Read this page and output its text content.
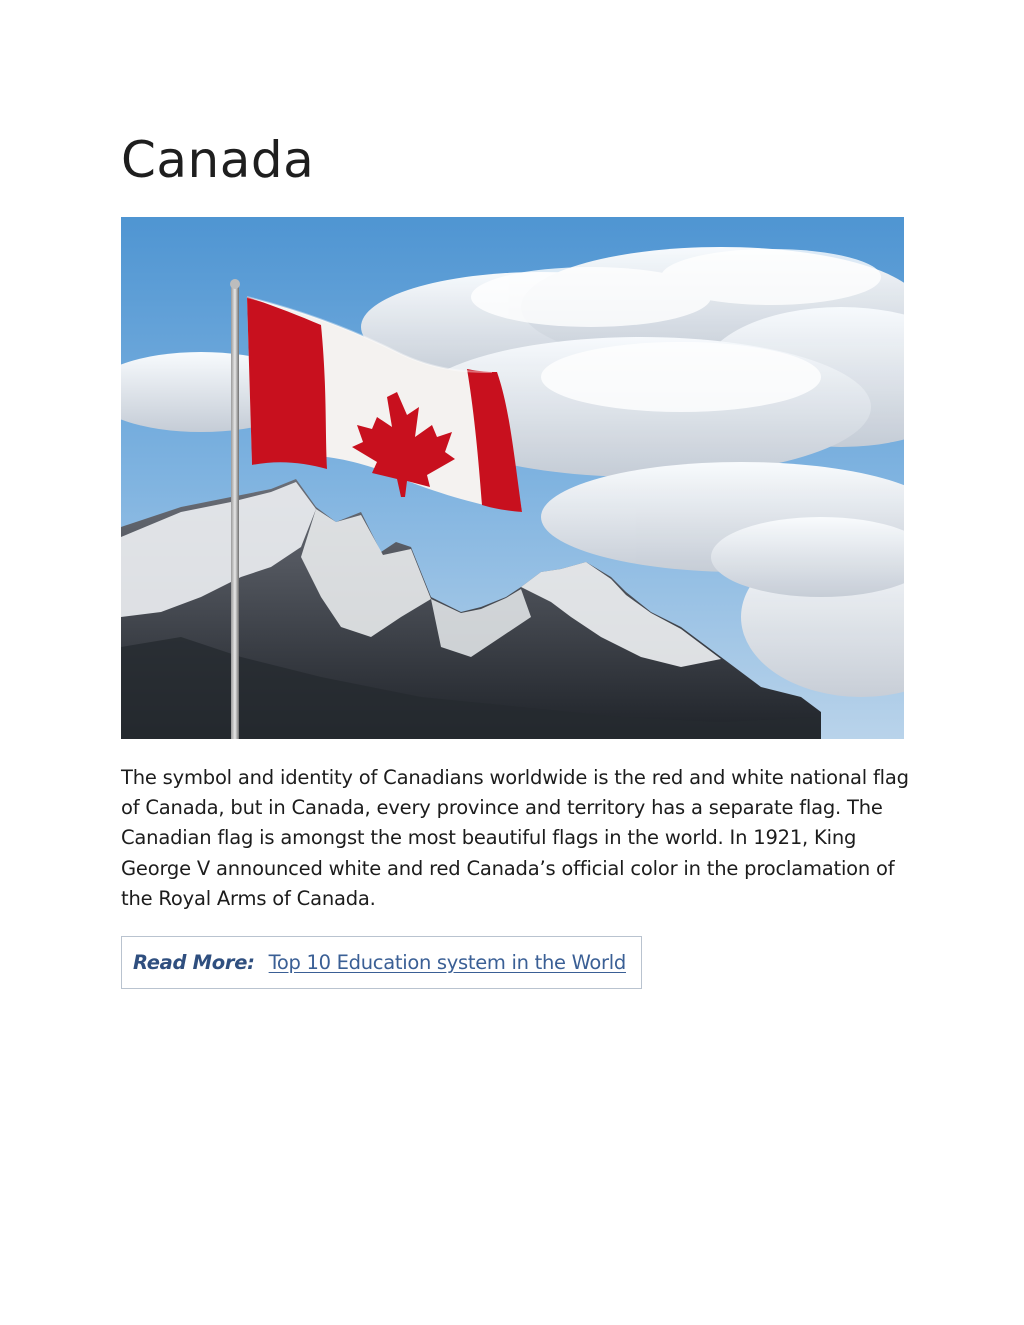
Canada

The symbol and identity of Canadians worldwide is the red and white national flag of Canada, but in Canada, every province and territory has a separate flag. The Canadian flag is amongst the most beautiful flags in the world. In 1921, King George V announced white and red Canada’s official color in the proclamation of the Royal Arms of Canada.

Read More: Top 10 Education system in the World
